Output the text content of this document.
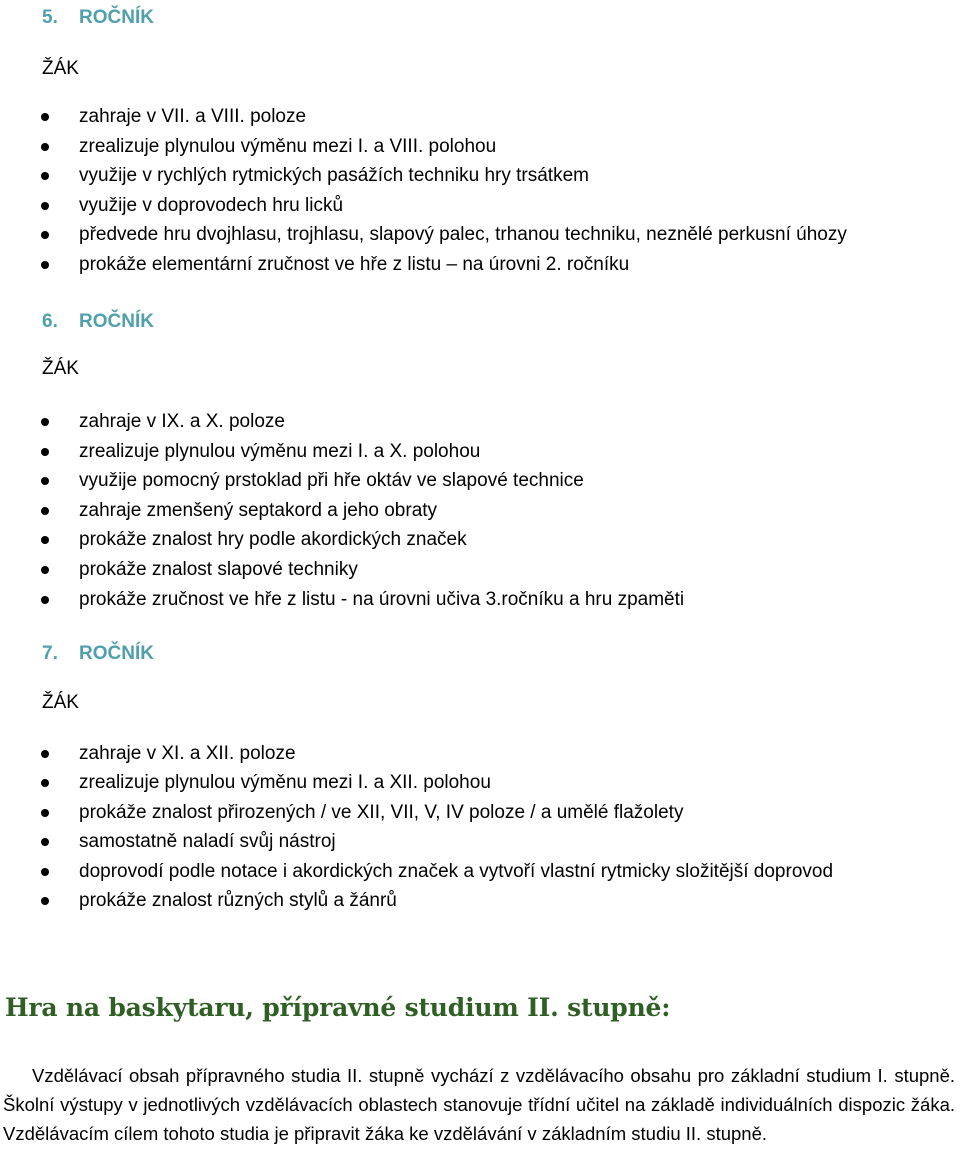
5. ROČNÍK

ŽÁK

zahraje v VII. a VIII. poloze
zrealizuje plynulou výměnu mezi I. a VIII. polohou
využije v rychlých rytmických pasážích techniku hry trsátkem
využije v doprovodech hru licků
předvede hru dvojhlasu, trojhlasu, slapový palec, trhanou techniku, neznělé perkusní úhozy
prokáže elementární zručnost ve hře z listu – na úrovni 2. ročníku
6. ROČNÍK

ŽÁK

zahraje v IX. a X. poloze
zrealizuje plynulou výměnu mezi I. a X. polohou
využije pomocný prstoklad při hře oktáv ve slapové technice
zahraje zmenšený septakord a jeho obraty
prokáže znalost hry podle akordických značek
prokáže znalost slapové techniky
prokáže zručnost ve hře z listu - na úrovni učiva 3.ročníku a hru zpaměti
7. ROČNÍK

ŽÁK

zahraje v XI. a XII. poloze
zrealizuje plynulou výměnu mezi I. a XII. polohou
prokáže znalost přirozených / ve XII, VII, V, IV poloze / a umělé flažolety
samostatně naladí svůj nástroj
doprovodí podle notace i akordických značek a vytvoří vlastní rytmicky složitější doprovod
prokáže znalost různých stylů a žánrů
Hra na baskytaru, přípravné studium II. stupně:

Vzdělávací obsah přípravného studia II. stupně vychází z vzdělávacího obsahu pro základní studium I. stupně. Školní výstupy v jednotlivých vzdělávacích oblastech stanovuje třídní učitel na základě individuálních dispozic žáka. Vzdělávacím cílem tohoto studia je připravit žáka ke vzdělávání v základním studiu II. stupně.
